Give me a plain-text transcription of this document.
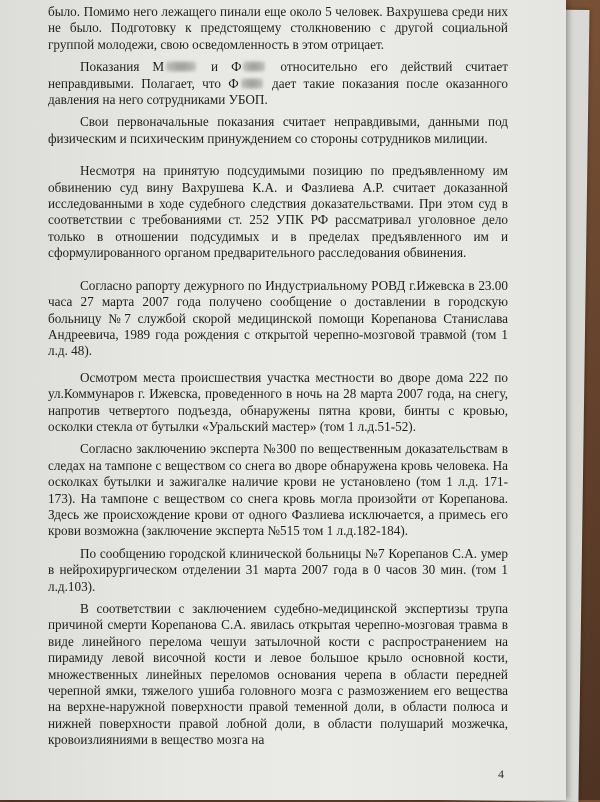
было. Помимо него лежащего пинали еще около 5 человек. Вахрушева среди них не было. Подготовку к предстоящему столкновению с другой социальной группой молодежи, свою осведомленность в этом отрицает.

Показания М	и Ф относительно его действий считает неправдивыми. Полагает, что Ф дает такие показания после оказанного давления на него сотрудниками УБОП.

Свои первоначальные показания считает неправдивыми, данными под физическим и психическим принуждением со стороны сотрудников милиции.

Несмотря на принятую подсудимыми позицию по предъявленному им обвинению суд вину Вахрушева К.А. и Фазлиева А.Р. считает доказанной исследованными в ходе судебного следствия доказательствами. При этом суд в соответствии с требованиями ст. 252 УПК РФ рассматривал уголовное дело только в отношении подсудимых и в пределах предъявленного им и сформулированного органом предварительного расследования обвинения.

Согласно рапорту дежурного по Индустриальному РОВД г.Ижевска в 23.00 часа 27 марта 2007 года получено сообщение о доставлении в городскую больницу №7 службой скорой медицинской помощи Корепанова Станислава Андреевича, 1989 года рождения с открытой черепно-мозговой травмой (том 1 л.д. 48).

Осмотром места происшествия участка местности во дворе дома 222 по ул.Коммунаров г. Ижевска, проведенного в ночь на 28 марта 2007 года, на снегу, напротив четвертого подъезда, обнаружены пятна крови, бинты с кровью, осколки стекла от бутылки «Уральский мастер» (том 1 л.д.51-52).

Согласно заключению эксперта №300 по вещественным доказательствам в следах на тампоне с веществом со снега во дворе обнаружена кровь человека. На осколках бутылки и зажигалке наличие крови не установлено (том 1 л.д. 171-173). На тампоне с веществом со снега кровь могла произойти от Корепанова. Здесь же происхождение крови от одного Фазлиева исключается, а примесь его крови возможна (заключение эксперта №515 том 1 л.д.182-184).

По сообщению городской клинической больницы №7 Корепанов С.А. умер в нейрохирургическом отделении 31 марта 2007 года в 0 часов 30 мин. (том 1 л.д.103).

В соответствии с заключением судебно-медицинской экспертизы трупа причиной смерти Корепанова С.А. явилась открытая черепно-мозговая травма в виде линейного перелома чешуи затылочной кости с распространением на пирамиду левой височной кости и левое большое крыло основной кости, множественных линейных переломов основания черепа в области передней черепной ямки, тяжелого ушиба головного мозга с размозжением его вещества на верхне-наружной поверхности правой теменной доли, в области полюса и нижней поверхности правой лобной доли, в области полушарий мозжечка, кровоизлияниями в вещество мозга на

4
